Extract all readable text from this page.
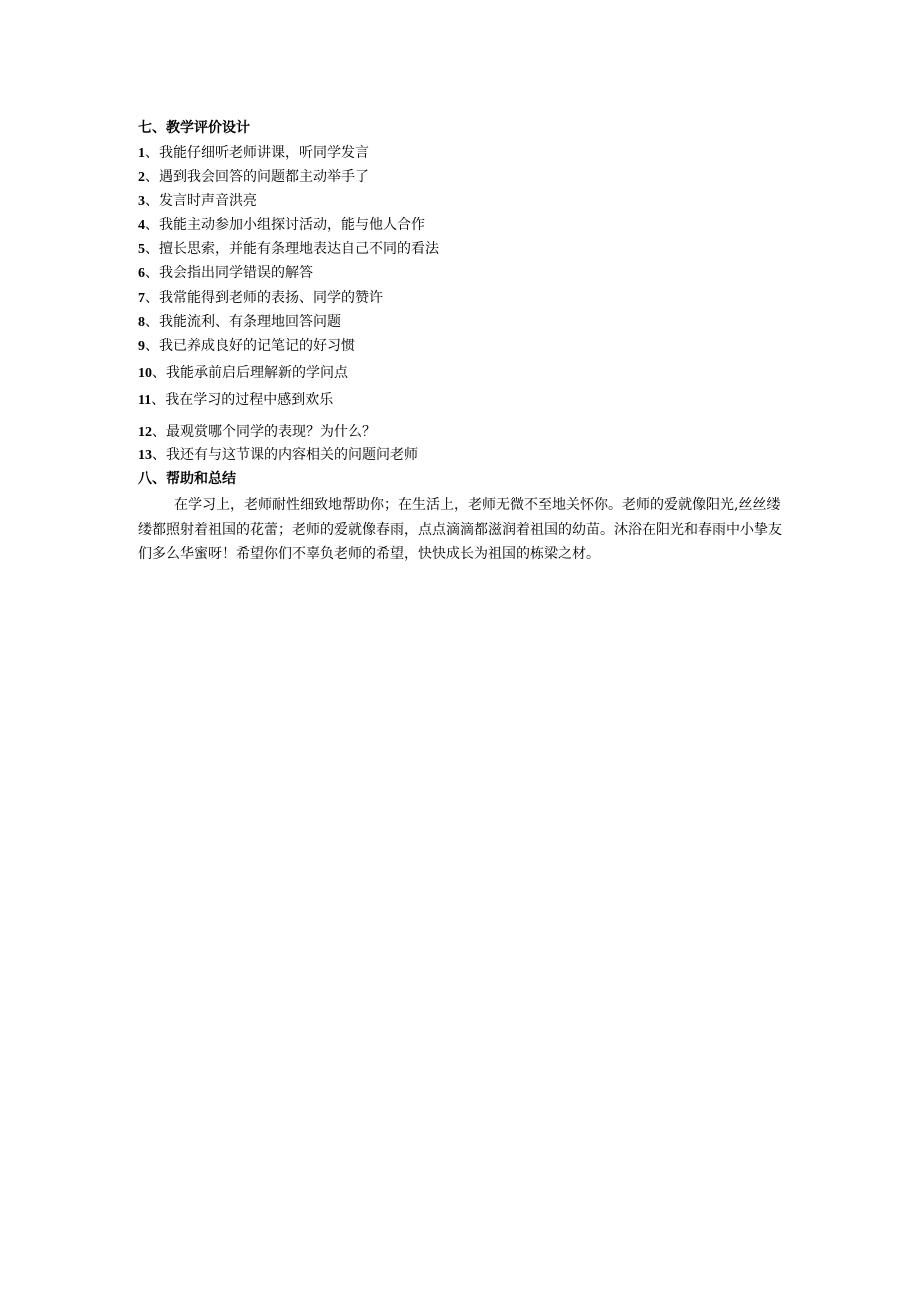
七、教学评价设计
1、我能仔细听老师讲课，听同学发言
2、遇到我会回答的问题都主动举手了
3、发言时声音洪亮
4、我能主动参加小组探讨活动，能与他人合作
5、擅长思索，并能有条理地表达自己不同的看法
6、我会指出同学错误的解答
7、我常能得到老师的表扬、同学的赞许
8、我能流利、有条理地回答问题
9、我已养成良好的记笔记的好习惯
10、我能承前启后理解新的学问点
11、我在学习的过程中感到欢乐
12、最观赏哪个同学的表现？为什么？
13、我还有与这节课的内容相关的问题问老师
八、帮助和总结
在学习上，老师耐性细致地帮助你；在生活上，老师无微不至地关怀你。老师的爱就像阳光,丝丝缕缕都照射着祖国的花蕾；老师的爱就像春雨，点点滴滴都滋润着祖国的幼苗。沐浴在阳光和春雨中小挚友们多么华蜜呀！希望你们不辜负老师的希望，快快成长为祖国的栋梁之材。
